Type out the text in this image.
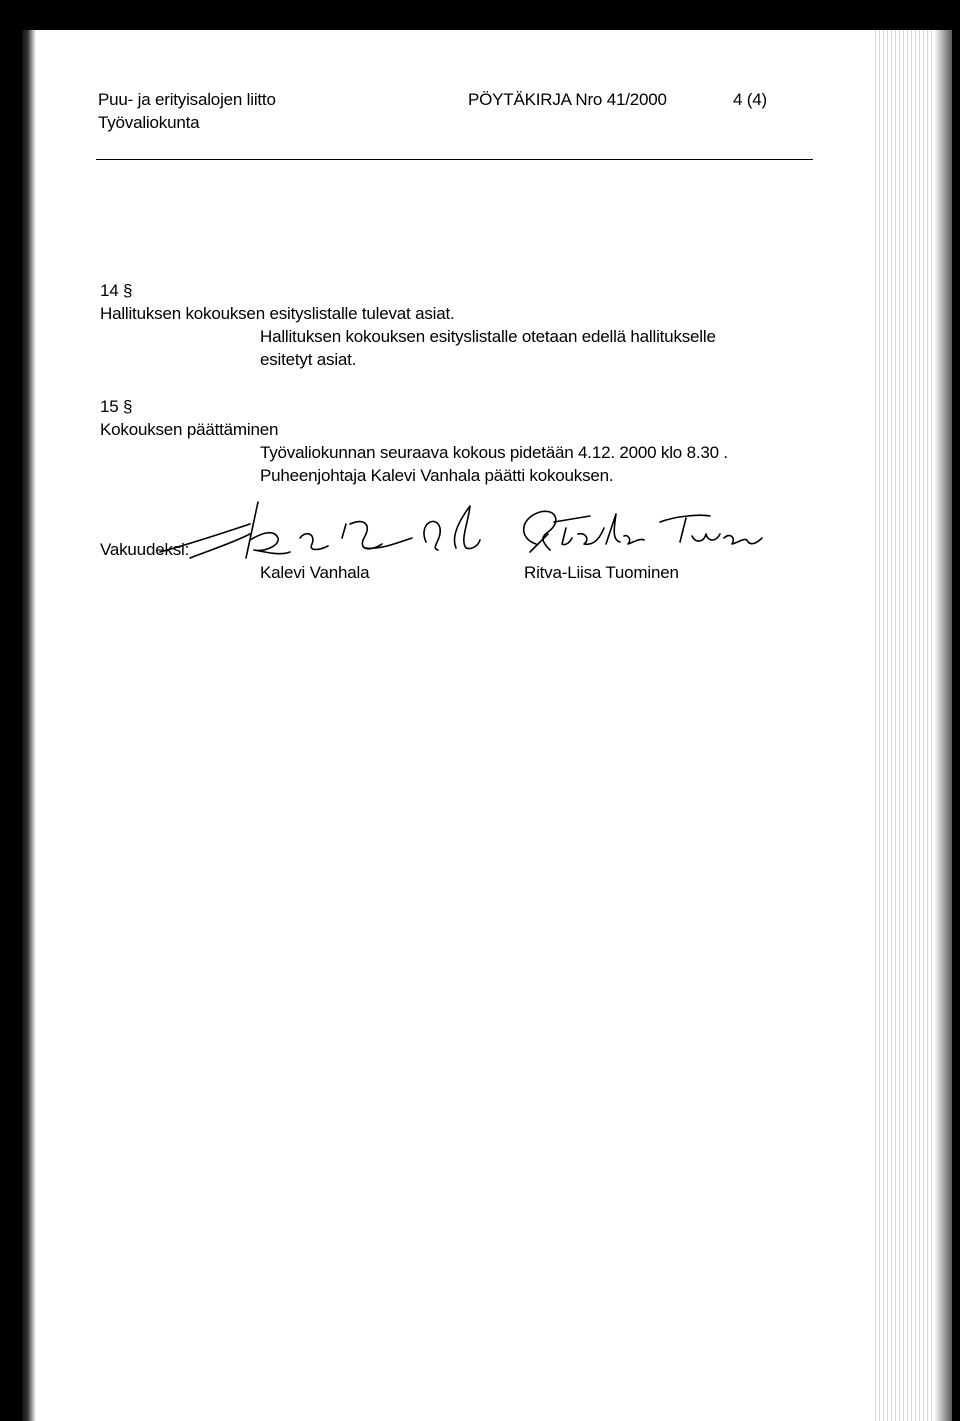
Puu- ja erityisalojen liitto
Työvaliokunta
PÖYTÄKIRJA Nro 41/2000	4 (4)
14 §
Hallituksen kokouksen esityslistalle tulevat asiat.
Hallituksen kokouksen esityslistalle otetaan edellä hallitukselle
esitetyt asiat.
15 §
Kokouksen päättäminen
Työvaliokunnan seuraava kokous pidetään 4.12. 2000 klo 8.30 .
Puheenjohtaja Kalevi Vanhala päätti kokouksen.
Vakuudeksi:
Kalevi Vanhala	Ritva-Liisa Tuominen
